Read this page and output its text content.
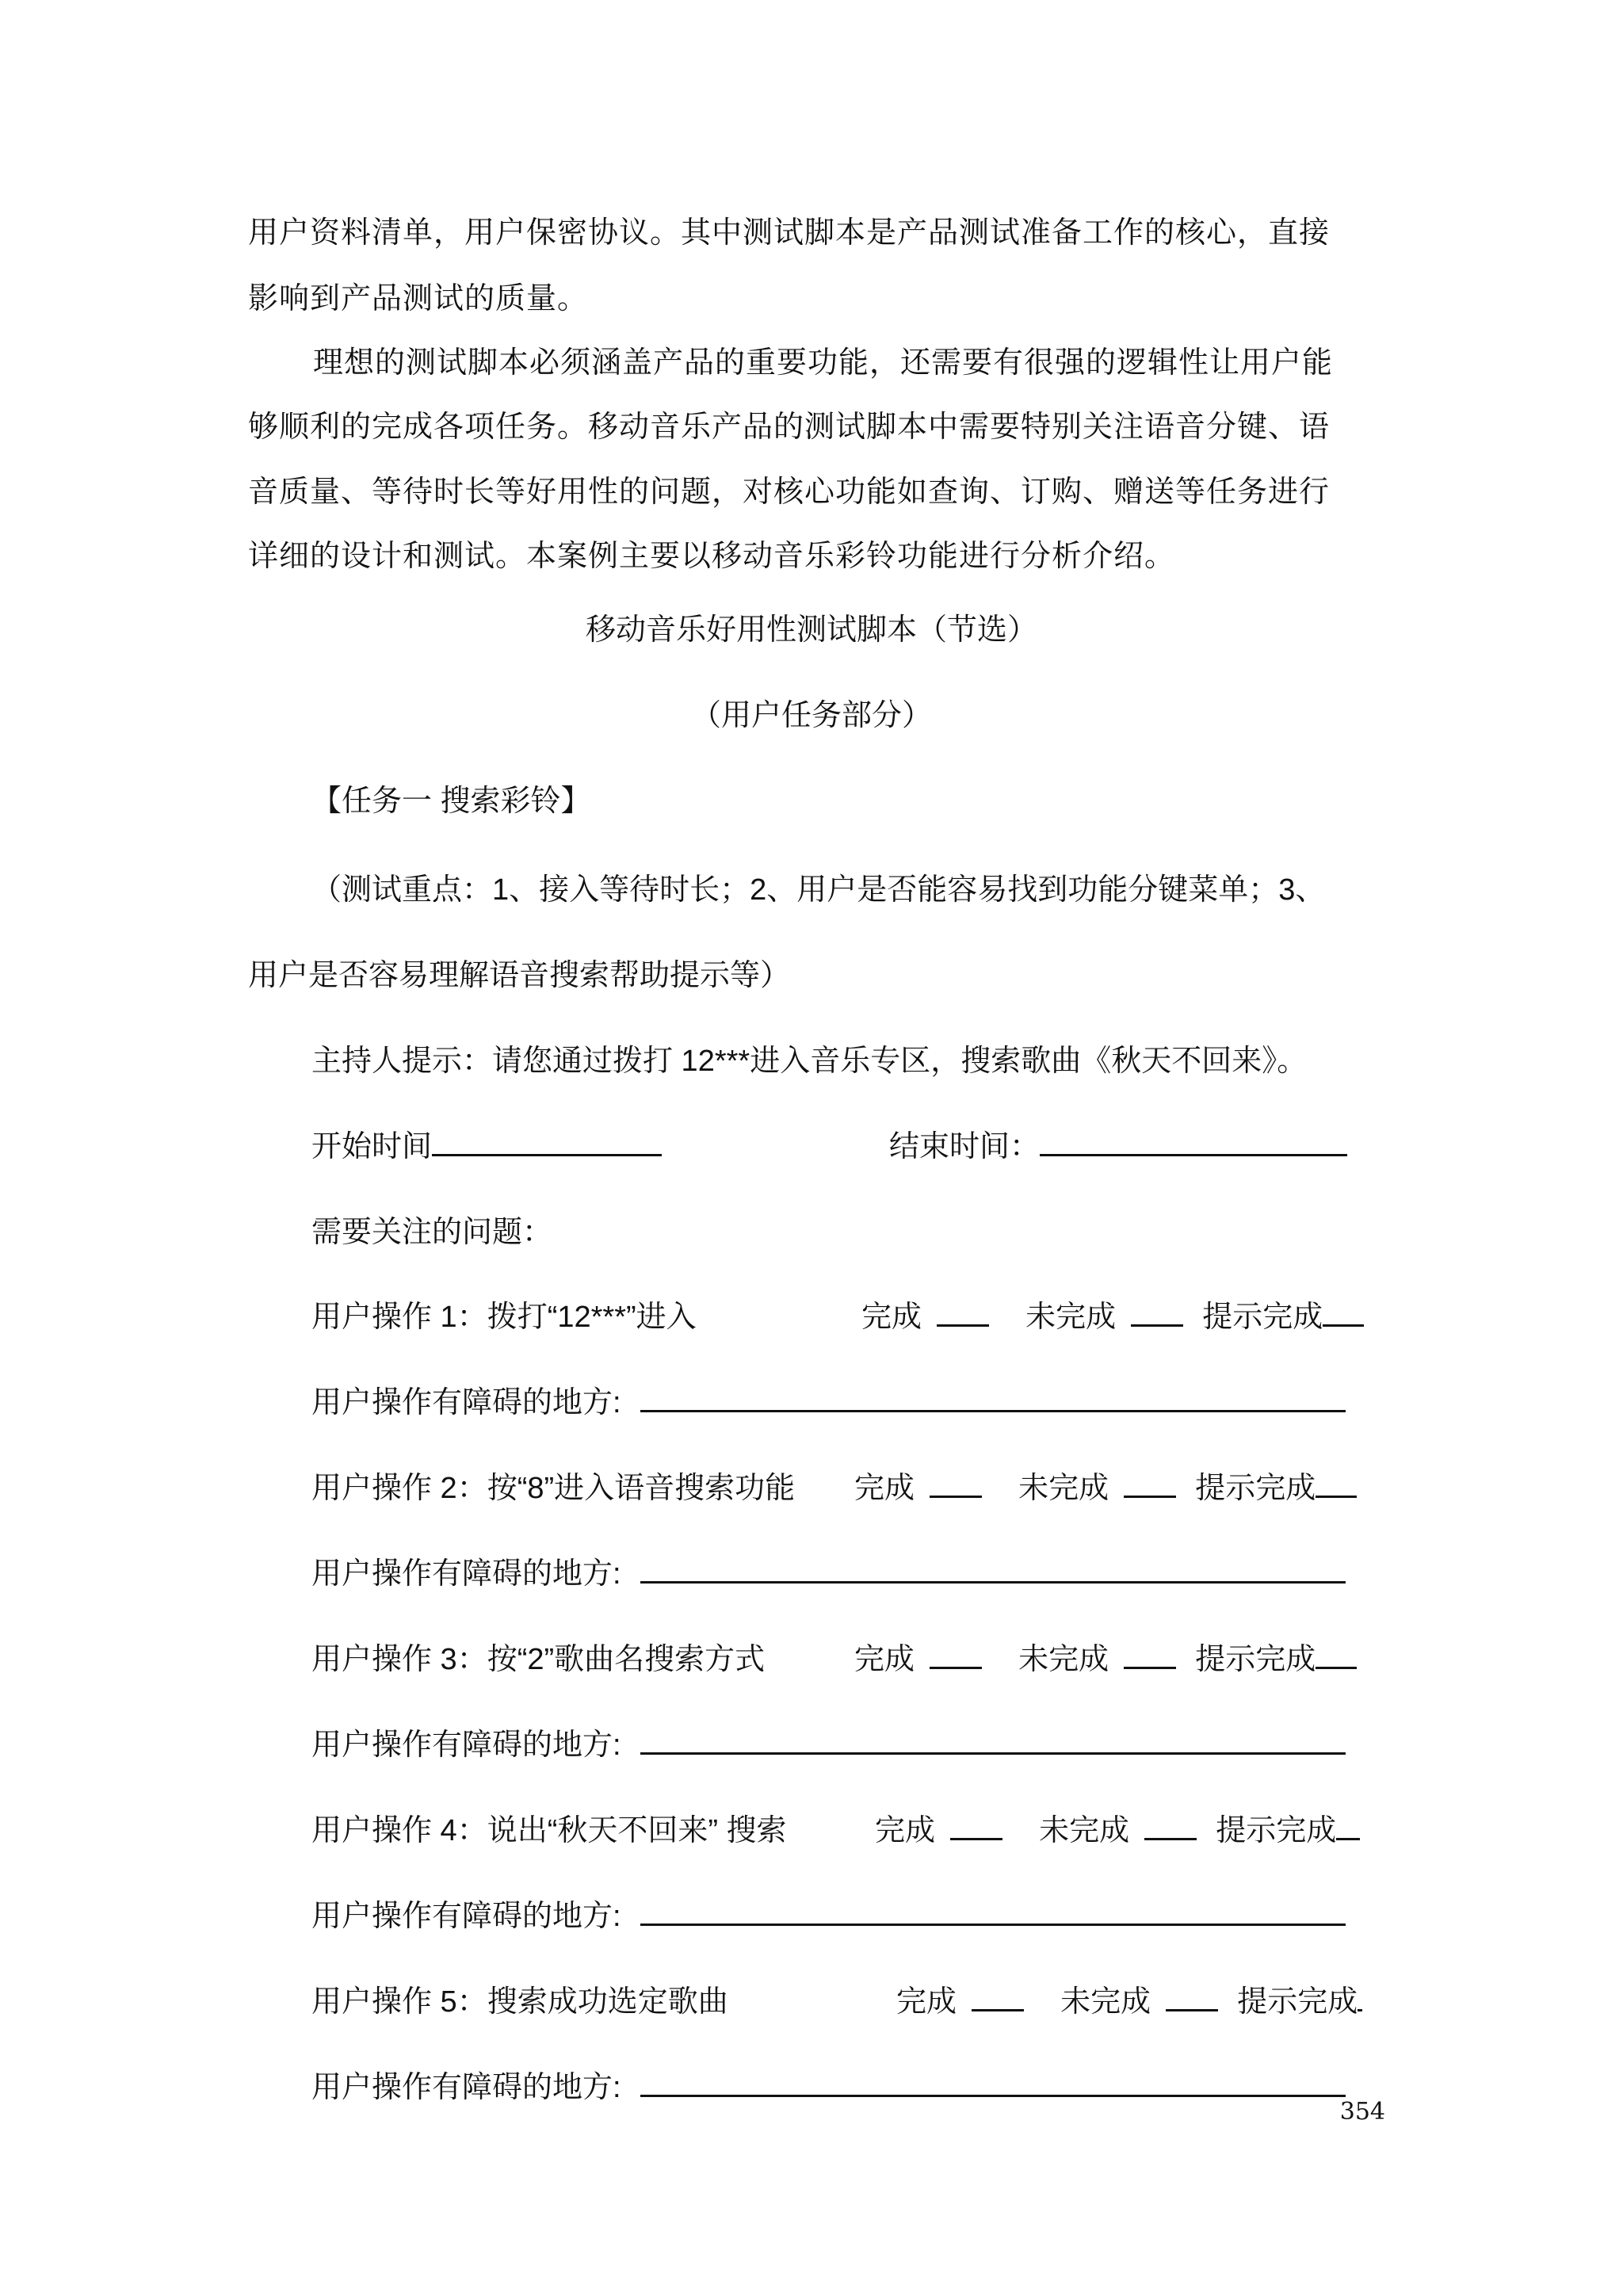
用户资料清单，用户保密协议。其中测试脚本是产品测试准备工作的核心，直接
影响到产品测试的质量。
理想的测试脚本必须涵盖产品的重要功能，还需要有很强的逻辑性让用户能
够顺利的完成各项任务。移动音乐产品的测试脚本中需要特别关注语音分键、语
音质量、等待时长等好用性的问题，对核心功能如查询、订购、赠送等任务进行
详细的设计和测试。本案例主要以移动音乐彩铃功能进行分析介绍。
移动音乐好用性测试脚本（节选）
（用户任务部分）
【任务一 搜索彩铃】
（测试重点：1、接入等待时长；2、用户是否能容易找到功能分键菜单；3、
用户是否容易理解语音搜索帮助提示等）
主持人提示：请您通过拨打 12***进入音乐专区，搜索歌曲《秋天不回来》。
开始时间	结束时间：
需要关注的问题：
用户操作 1：拨打“12***”进入	完成	未完成	提示完成
用户操作有障碍的地方:
用户操作 2：按“8”进入语音搜索功能 完成	未完成	提示完成
用户操作有障碍的地方:
用户操作 3：按“2”歌曲名搜索方式	完成	未完成	提示完成
用户操作有障碍的地方:
用户操作 4：说出“秋天不回来” 搜索	完成	未完成	提示完成
用户操作有障碍的地方:
用户操作 5：搜索成功选定歌曲	完成	未完成	提示完成
用户操作有障碍的地方:
354
